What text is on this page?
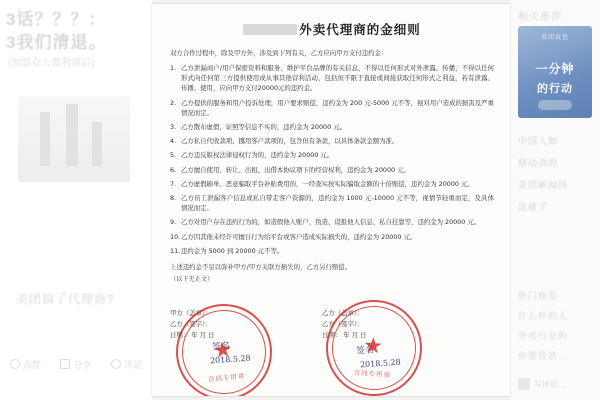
3话？？？：
3我们清退。
(加盟众人都利用后)
美团搞了代理商?
点赞	分享	评论
相关推荐
美团众包
一分钟
的行动
中国人如
移动劲的
美团新闻回
这就了
热门推荐
什么样的人
外卖行业的
你要贷款…
写评论…
外卖代理商的金细则

双方合作过程中，除及甲方外，涉及到下列有关，乙方应向甲方支付违约金：

1. 乙方泄漏商户/用户保密资料和服务、维护平台品牌的有关信息，不得以任何形式对外泄露、传播，不得以任何形式向任何第三方提供使用或从事其他营利活动，包括但不限于直接或间接获取任何形式之利益，若有泄露、传播、使用，应向甲方支付20000元的违约金。
2. 乙方提供的服务和用户投诉处理，用户要求赔偿，违约金为 200 元-5000 元不等，视对用户造成的损害及严重情况而定。
3. 乙方散布虚假、证照等信息不实的，违约金为 20000 元。
4. 乙方私自代收款项、挪用客户款项的，包含但有条款，以具体条款金额为准。
5. 乙方违反版权法律侵权行为的，违约金为 20000 元。
6. 乙方擅自使用、转让、出租、出借本协议项下的经营权利，违约金为 20000 元。
7. 乙方虚假刷单、恶意骗取平台补贴费用的，一经查实按实际骗取金额的十倍赔偿，违约金为 20000 元。
8. 乙方员工泄漏客户信息或私自带走客户资源的，违约金为 1000 元-10000 元不等，视情节轻重而定，及具体情况而定。
9. 乙方对用户存在违约行为的，如造假他人账户、伪造、谎报他人信息、私自挂靠等，违约金为 20000 元。
10. 乙方因其他未经许可擅自行为给平台或客户造成实际损失的，违约金为 20000 元。
11. 违约金为 5000 到 20000 元不等。

上述违约金不足以弥补甲方/甲方关联方损失的，乙方另行赔偿。

（以下无正文）

甲方（盖章）：
乙方（签字）：
日期： 年 月 日
乙方（盖章）：
乙方（签字）：
日期： 年 月 日
签名	签名
2018.5.28	2018.5.28
合同专用章	合同专用章
